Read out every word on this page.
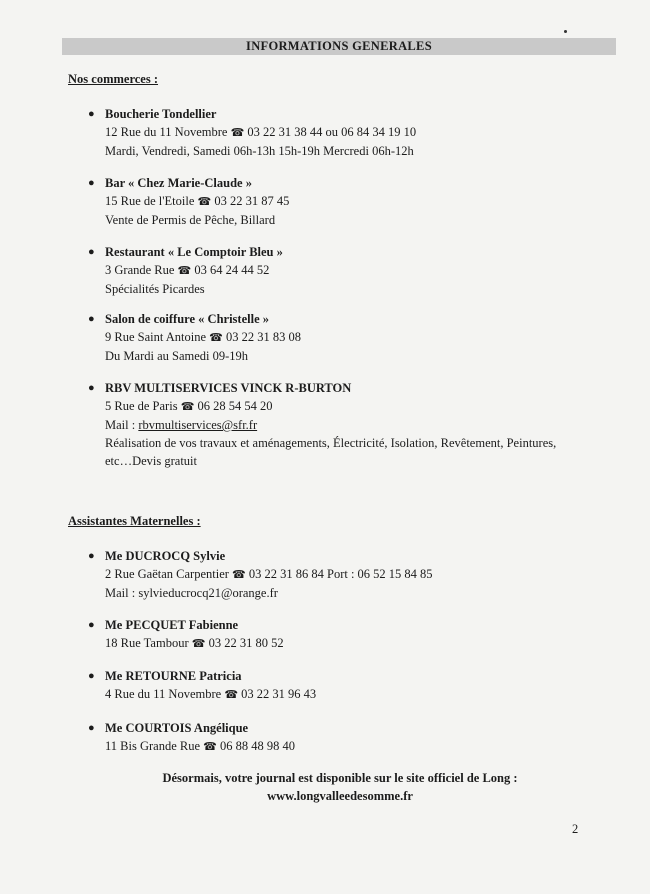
INFORMATIONS GENERALES
Nos commerces :
● Boucherie Tondellier
12 Rue du 11 Novembre ☎ 03 22 31 38 44 ou 06 84 34 19 10
Mardi, Vendredi, Samedi 06h-13h 15h-19h Mercredi 06h-12h
● Bar « Chez Marie-Claude »
15 Rue de l'Etoile ☎ 03 22 31 87 45
Vente de Permis de Pêche, Billard
● Restaurant « Le Comptoir Bleu »
3 Grande Rue ☎ 03 64 24 44 52
Spécialités Picardes
● Salon de coiffure « Christelle »
9 Rue Saint Antoine ☎ 03 22 31 83 08
Du Mardi au Samedi 09-19h
● RBV MULTISERVICES VINCK R-BURTON
5 Rue de Paris ☎ 06 28 54 54 20
Mail : rbvmultiservices@sfr.fr
Réalisation de vos travaux et aménagements, Électricité, Isolation, Revêtement, Peintures, etc…Devis gratuit
Assistantes Maternelles :
● Me DUCROCQ Sylvie
2 Rue Gaëtan Carpentier ☎ 03 22 31 86 84 Port : 06 52 15 84 85
Mail : sylvieducrocq21@orange.fr
● Me PECQUET Fabienne
18 Rue Tambour ☎ 03 22 31 80 52
● Me RETOURNE Patricia
4 Rue du 11 Novembre ☎ 03 22 31 96 43
● Me COURTOIS Angélique
11 Bis Grande Rue ☎ 06 88 48 98 40
Désormais, votre journal est disponible sur le site officiel de Long :
www.longvalleedesomme.fr
2
